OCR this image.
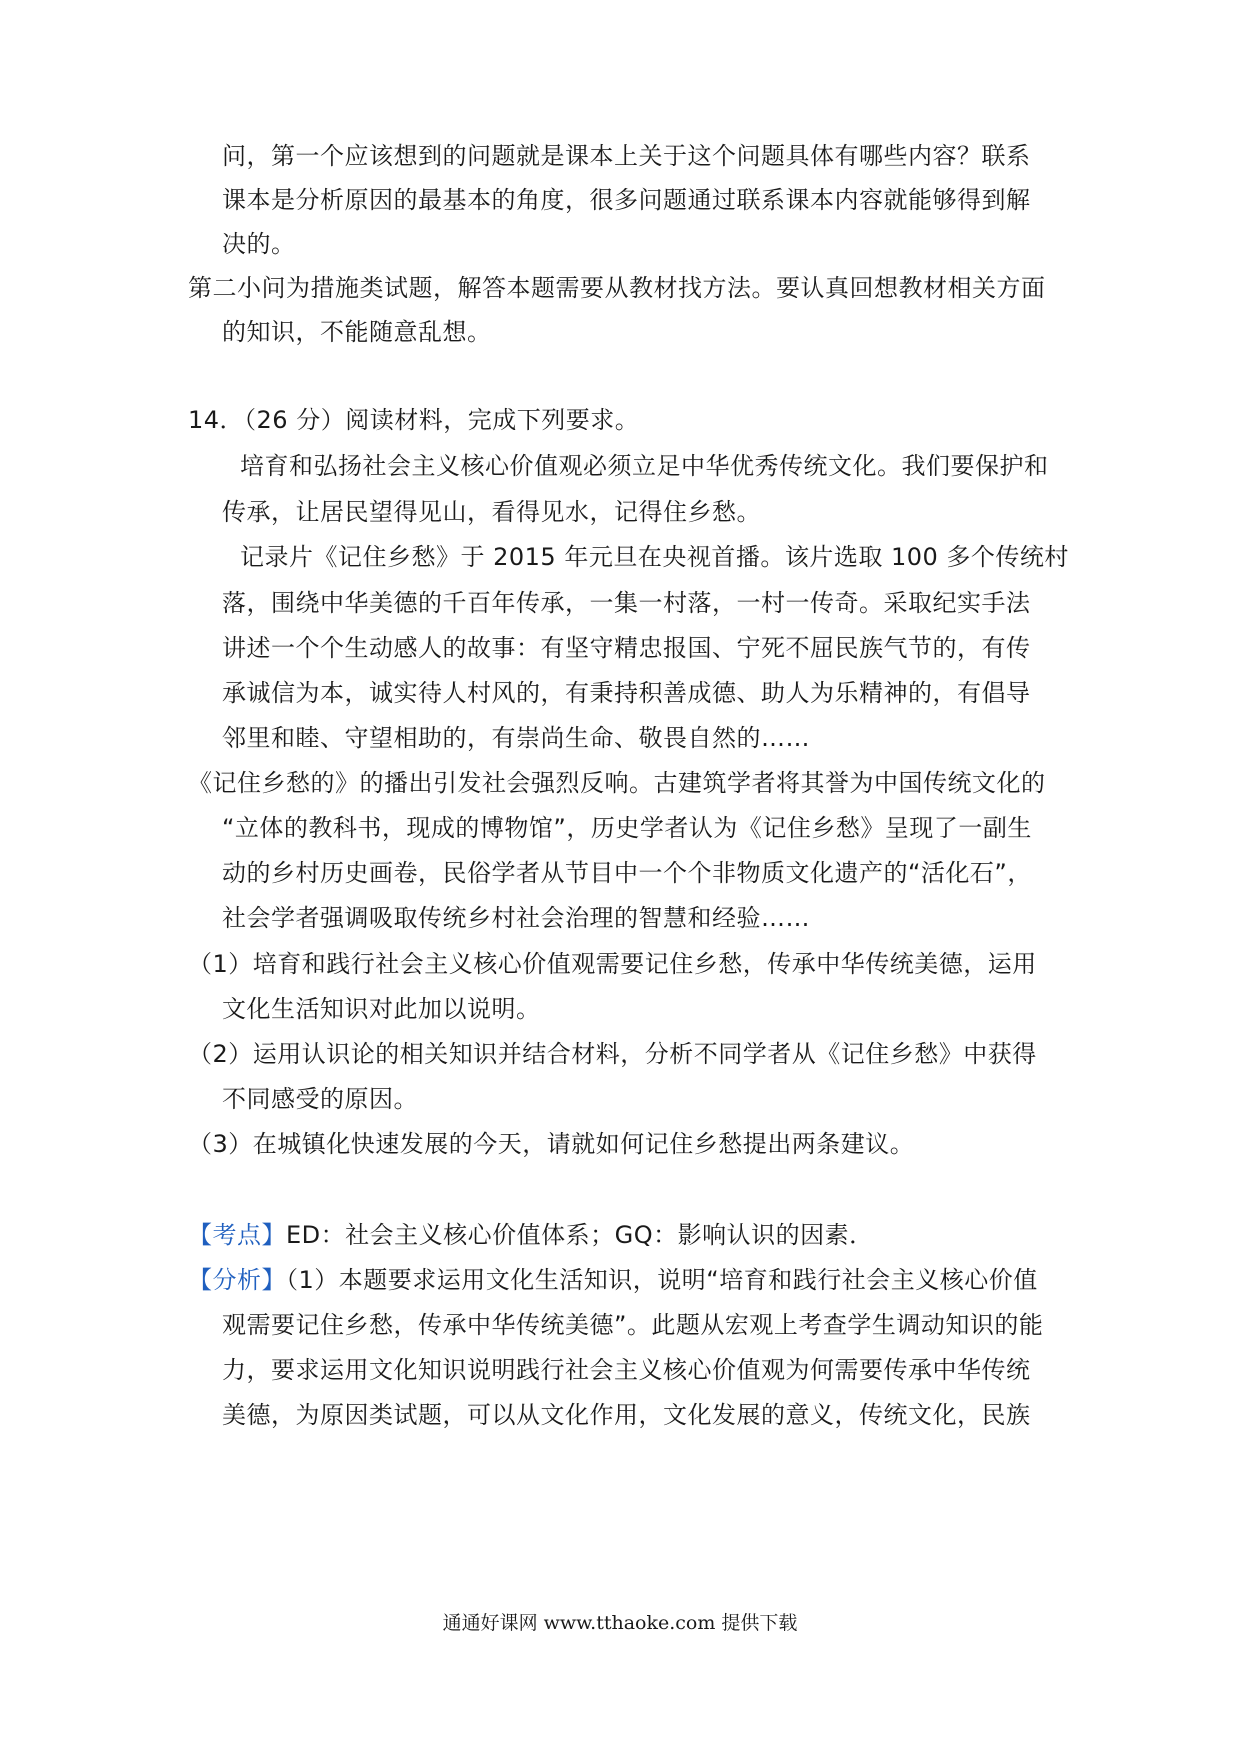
问，第一个应该想到的问题就是课本上关于这个问题具体有哪些内容？联系
课本是分析原因的最基本的角度，很多问题通过联系课本内容就能够得到解
决的。
第二小问为措施类试题，解答本题需要从教材找方法。要认真回想教材相关方面
的知识，不能随意乱想。
14．（26 分）阅读材料，完成下列要求。
培育和弘扬社会主义核心价值观必须立足中华优秀传统文化。我们要保护和
传承，让居民望得见山，看得见水，记得住乡愁。
记录片《记住乡愁》于 2015 年元旦在央视首播。该片选取 100 多个传统村
落，围绕中华美德的千百年传承，一集一村落，一村一传奇。采取纪实手法
讲述一个个生动感人的故事：有坚守精忠报国、宁死不屈民族气节的，有传
承诚信为本，诚实待人村风的，有秉持积善成德、助人为乐精神的，有倡导
邻里和睦、守望相助的，有崇尚生命、敬畏自然的……
《记住乡愁的》的播出引发社会强烈反响。古建筑学者将其誉为中国传统文化的
“立体的教科书，现成的博物馆”，历史学者认为《记住乡愁》呈现了一副生
动的乡村历史画卷，民俗学者从节目中一个个非物质文化遗产的“活化石”，
社会学者强调吸取传统乡村社会治理的智慧和经验……
（1）培育和践行社会主义核心价值观需要记住乡愁，传承中华传统美德，运用
文化生活知识对此加以说明。
（2）运用认识论的相关知识并结合材料，分析不同学者从《记住乡愁》中获得
不同感受的原因。
（3）在城镇化快速发展的今天，请就如何记住乡愁提出两条建议。
【考点】ED：社会主义核心价值体系；GQ：影响认识的因素．
【分析】（1）本题要求运用文化生活知识，说明“培育和践行社会主义核心价值
观需要记住乡愁，传承中华传统美德”。此题从宏观上考查学生调动知识的能
力，要求运用文化知识说明践行社会主义核心价值观为何需要传承中华传统
美德，为原因类试题，可以从文化作用，文化发展的意义，传统文化，民族
通通好课网 www.tthaoke.com 提供下载
